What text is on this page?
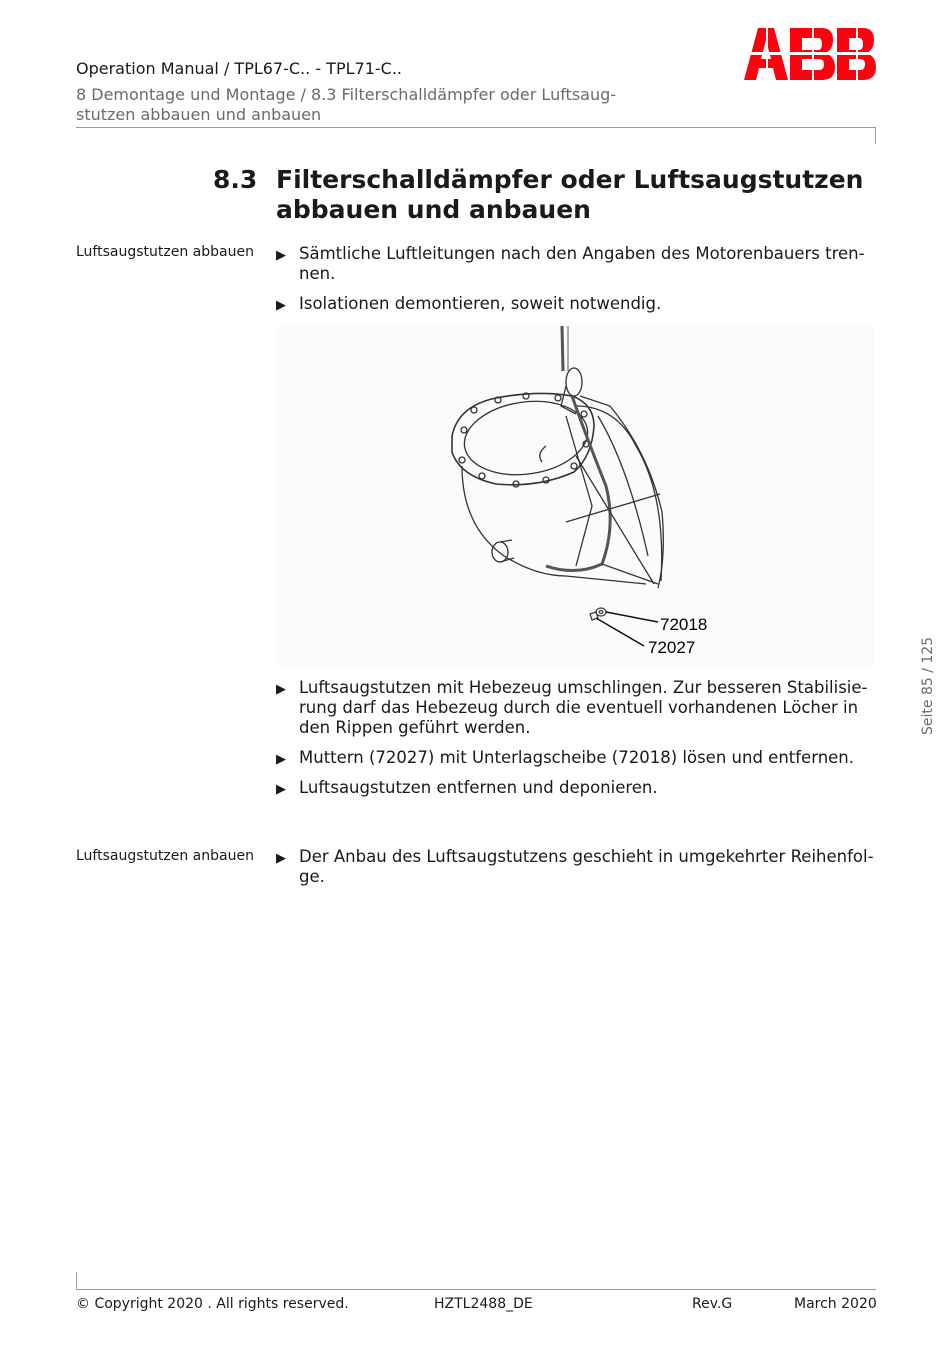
Operation Manual / TPL67-C.. - TPL71-C..
8 Demontage und Montage / 8.3 Filterschalldämpfer oder Luftsaug-stutzen abbauen und anbauen
8.3 Filterschalldämpfer oder Luftsaugstutzen abbauen und anbauen
Luftsaugstutzen abbauen ▶ Sämtliche Luftleitungen nach den Angaben des Motorenbauers tren-nen.
▶ Isolationen demontieren, soweit notwendig.
72018
72027
▶ Luftsaugstutzen mit Hebezeug umschlingen. Zur besseren Stabilisie-rung darf das Hebezeug durch die eventuell vorhandenen Löcher in den Rippen geführt werden.
▶ Muttern (72027) mit Unterlagscheibe (72018) lösen und entfernen.
▶ Luftsaugstutzen entfernen und deponieren.
Luftsaugstutzen anbauen ▶ Der Anbau des Luftsaugstutzens geschieht in umgekehrter Reihenfol-ge.
Seite 85 / 125
© Copyright 2020 . All rights reserved.	HZTL2488_DE	Rev.G	March 2020
